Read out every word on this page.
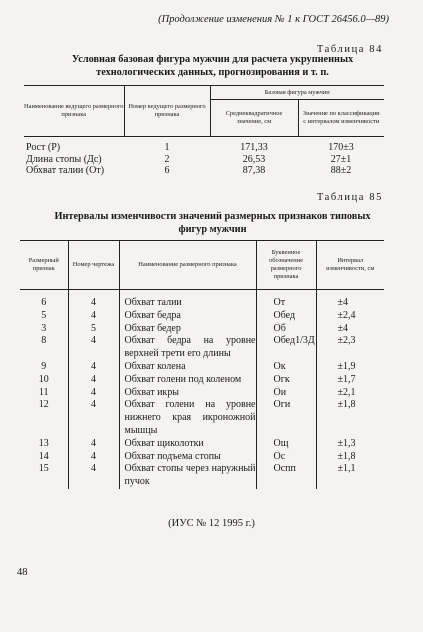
(Продолжение изменения № 1 к ГОСТ 26456.0—89)
Таблица 84
Условная базовая фигура мужчин для расчета укрупненных технологических данных, прогнозирования и т. п.
Наименование ведущего размерного признака	Номер ведущего размерного признака	Базовая фигура мужчин	
		Среднеквадратичное значение, см	Значение по классификации с интервалом изменчивости
Рост (Р)	1	171,33	170±3
Длина стопы (Дс)	2	26,53	27±1
Обхват талии (От)	6	87,38	88±2
Таблица 85
Интервалы изменчивости значений размерных признаков типовых фигур мужчин
Размерный признак	Номер чертежа	Наименование размерного признака	Буквенное обозначение размерного признака	Интервал изменчивости, см
6	4	Обхват талии	От	±4
5	4	Обхват бедра	Обед	±2,4
3	5	Обхват бедер	Об	±4
8	4	Обхват бедра на уровне верхней трети его длины	Обед1/3Д	±2,3
9	4	Обхват колена	Ок	±1,9
10	4	Обхват голени под коленом	Огк	±1,7
11	4	Обхват икры	Ои	±2,1
12	4	Обхват голени на уровне нижнего края икроножной мышцы	Оги	±1,8
13	4	Обхват щиколотки	Ощ	±1,3
14	4	Обхват подъема стопы	Ос	±1,8
15	4	Обхват стопы через наружный пучок	Оспп	±1,1
(ИУС № 12 1995 г.)
48
